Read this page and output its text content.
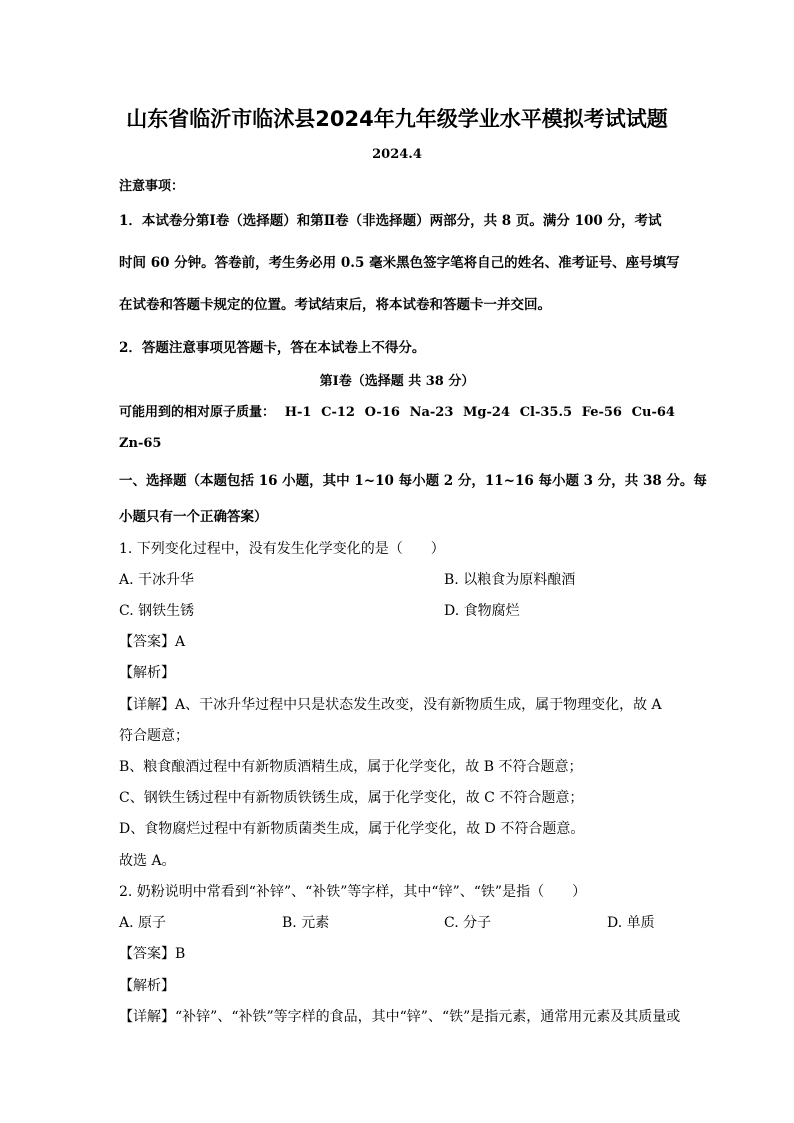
山东省临沂市临沭县2024年九年级学业水平模拟考试试题
2024.4
注意事项：
1．本试卷分第Ⅰ卷（选择题）和第Ⅱ卷（非选择题）两部分，共 8 页。满分 100 分，考试
时间 60 分钟。答卷前，考生务必用 0.5 毫米黑色签字笔将自己的姓名、准考证号、座号填写
在试卷和答题卡规定的位置。考试结束后，将本试卷和答题卡一并交回。
2．答题注意事项见答题卡，答在本试卷上不得分。
第Ⅰ卷（选择题 共 38 分）
可能用到的相对原子质量： H-1 C-12 O-16 Na-23 Mg-24 Cl-35.5 Fe-56 Cu-64
Zn-65
一、选择题（本题包括 16 小题，其中 1~10 每小题 2 分，11~16 每小题 3 分，共 38 分。每
小题只有一个正确答案）
1. 下列变化过程中，没有发生化学变化的是（　　）
A. 干冰升华	B. 以粮食为原料酿酒
C. 钢铁生锈	D. 食物腐烂
【答案】A
【解析】
【详解】A、干冰升华过程中只是状态发生改变，没有新物质生成，属于物理变化，故 A
符合题意；
B、粮食酿酒过程中有新物质酒精生成，属于化学变化，故 B 不符合题意；
C、钢铁生锈过程中有新物质铁锈生成，属于化学变化，故 C 不符合题意；
D、食物腐烂过程中有新物质菌类生成，属于化学变化，故 D 不符合题意。
故选 A。
2. 奶粉说明中常看到“补锌”、“补铁”等字样，其中“锌”、“铁”是指（　　）
A. 原子	B. 元素	C. 分子	D. 单质
【答案】B
【解析】
【详解】“补锌”、“补铁”等字样的食品，其中“锌”、“铁”是指元素，通常用元素及其质量或
